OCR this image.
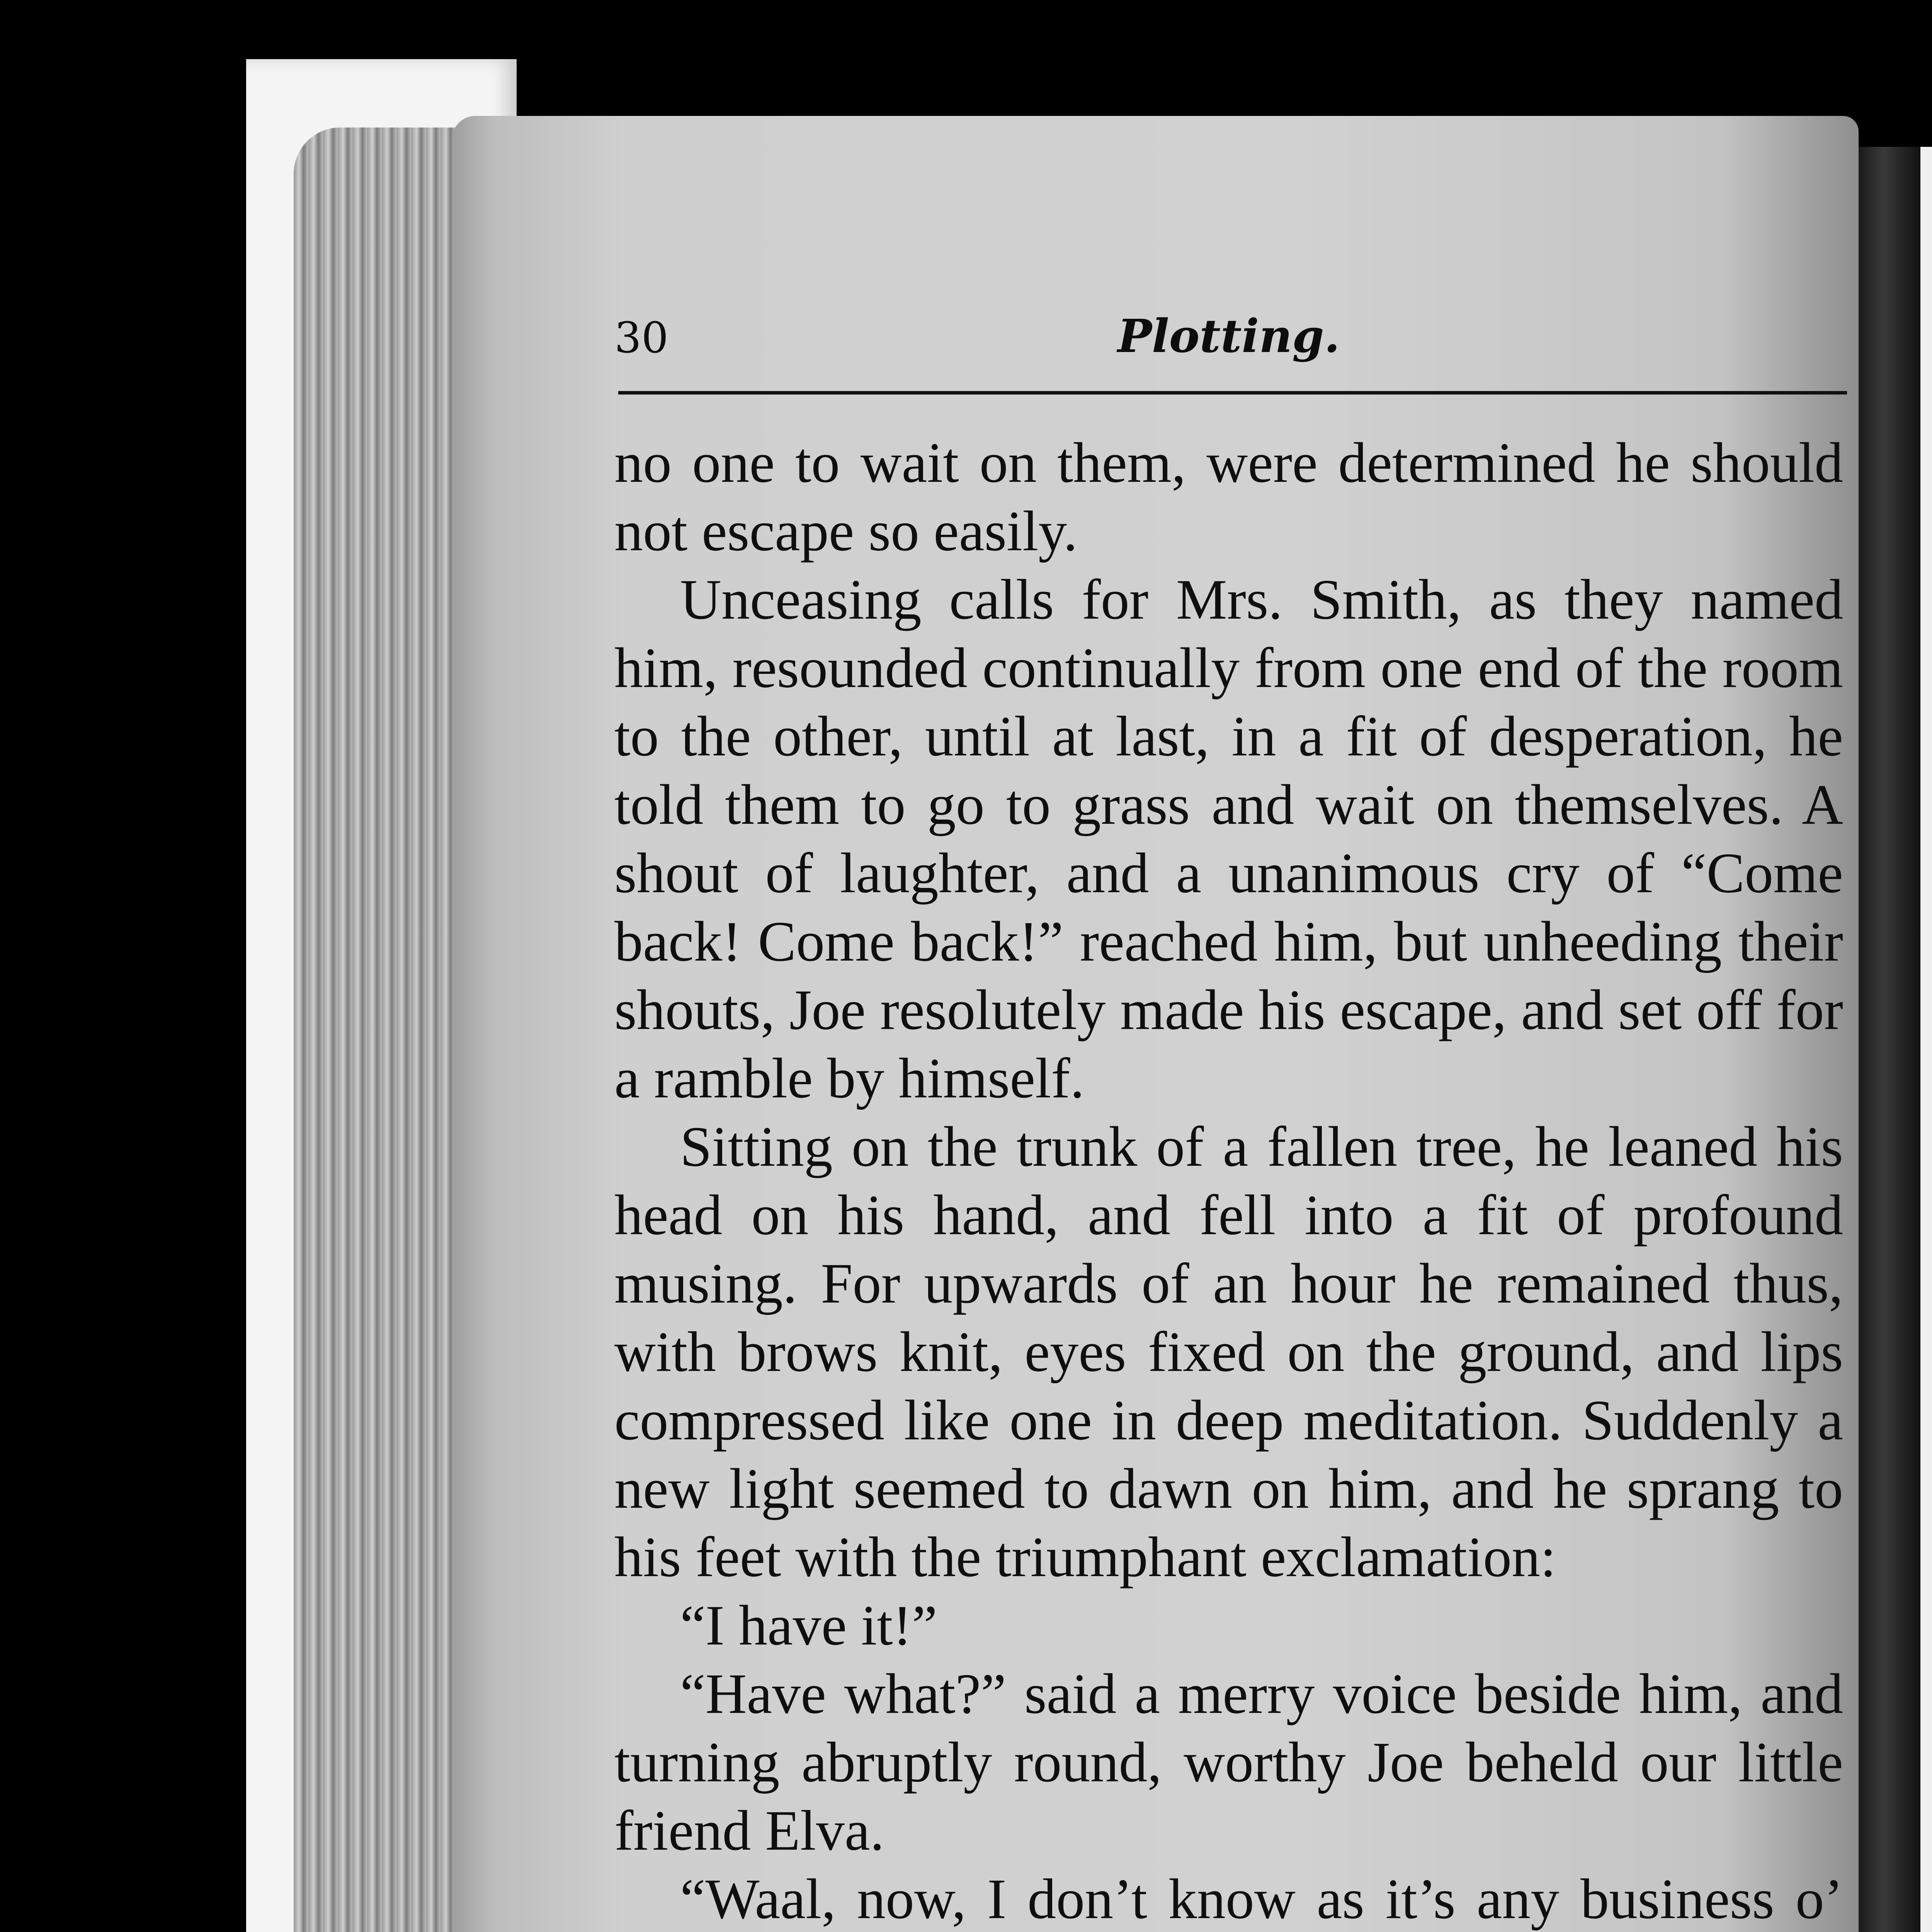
30	Plotting.

no one to wait on them, were determined he should not escape so easily.

Unceasing calls for Mrs. Smith, as they named him, resounded continually from one end of the room to the other, until at last, in a fit of desperation, he told them to go to grass and wait on themselves. A shout of laughter, and a unanimous cry of “Come back! Come back!” reached him, but unheeding their shouts, Joe resolutely made his escape, and set off for a ramble by himself.

Sitting on the trunk of a fallen tree, he leaned his head on his hand, and fell into a fit of profound musing. For upwards of an hour he remained thus, with brows knit, eyes fixed on the ground, and lips compressed like one in deep meditation. Suddenly a new light seemed to dawn on him, and he sprang to his feet with the triumphant exclamation:

“I have it!”

“Have what?” said a merry voice beside him, and turning abruptly round, worthy Joe beheld our little friend Elva.

“Waal, now, I don’t know as it’s any business o’
